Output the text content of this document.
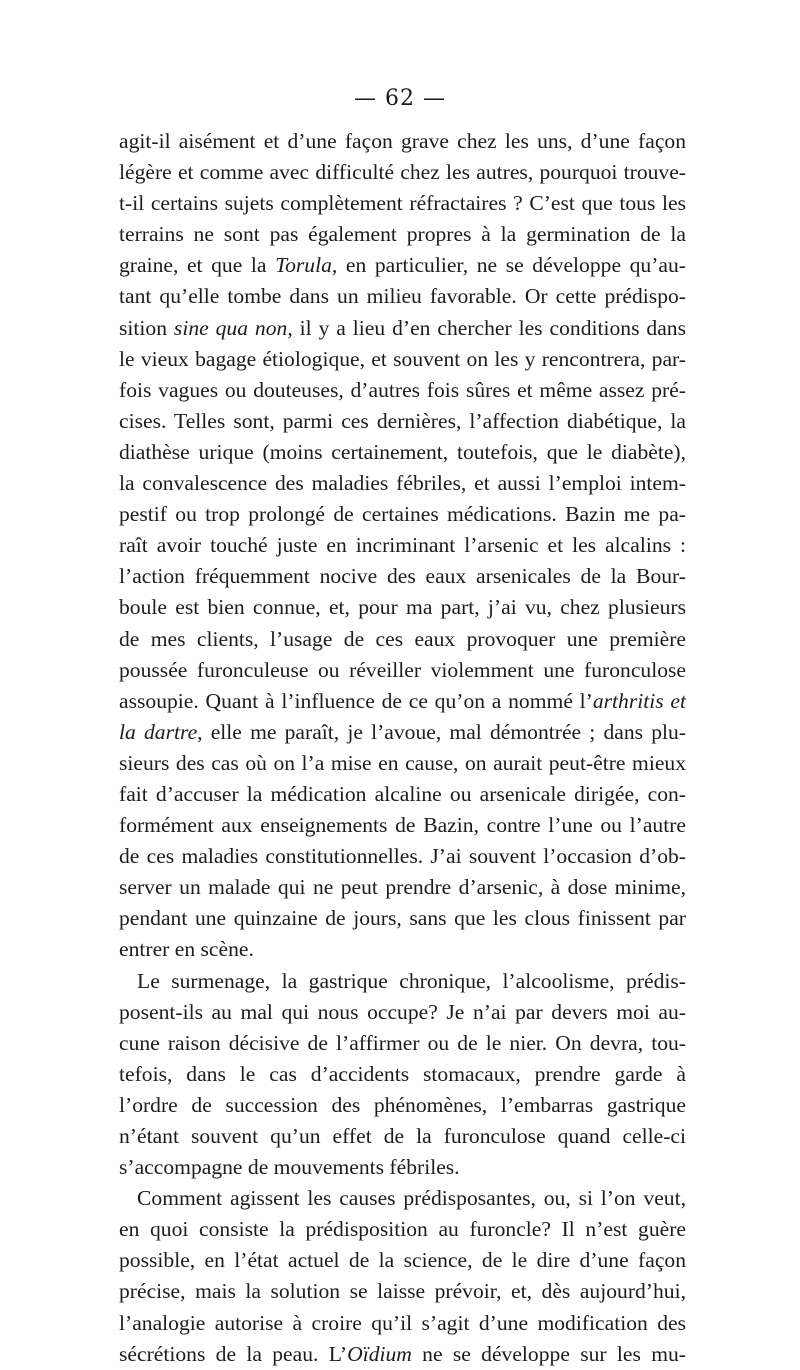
— 62 —
agit-il aisément et d’une façon grave chez les uns, d’une façon
légère et comme avec difficulté chez les autres, pourquoi trouve-
t-il certains sujets complètement réfractaires ? C’est que tous les
terrains ne sont pas également propres à la germination de la
graine, et que la Torula, en particulier, ne se développe qu’au-
tant qu’elle tombe dans un milieu favorable. Or cette prédispo-
sition sine qua non, il y a lieu d’en chercher les conditions dans
le vieux bagage étiologique, et souvent on les y rencontrera, par-
fois vagues ou douteuses, d’autres fois sûres et même assez pré-
cises. Telles sont, parmi ces dernières, l’affection diabétique, la
diathèse urique (moins certainement, toutefois, que le diabète),
la convalescence des maladies fébriles, et aussi l’emploi intem-
pestif ou trop prolongé de certaines médications. Bazin me pa-
raît avoir touché juste en incriminant l’arsenic et les alcalins :
l’action fréquemment nocive des eaux arsenicales de la Bour-
boule est bien connue, et, pour ma part, j’ai vu, chez plusieurs
de mes clients, l’usage de ces eaux provoquer une première
poussée furonculeuse ou réveiller violemment une furonculose
assoupie. Quant à l’influence de ce qu’on a nommé l’arthritis et
la dartre, elle me paraît, je l’avoue, mal démontrée ; dans plu-
sieurs des cas où on l’a mise en cause, on aurait peut-être mieux
fait d’accuser la médication alcaline ou arsenicale dirigée, con-
formément aux enseignements de Bazin, contre l’une ou l’autre
de ces maladies constitutionnelles. J’ai souvent l’occasion d’ob-
server un malade qui ne peut prendre d’arsenic, à dose minime,
pendant une quinzaine de jours, sans que les clous finissent par
entrer en scène.
Le surmenage, la gastrique chronique, l’alcoolisme, prédis-
posent-ils au mal qui nous occupe? Je n’ai par devers moi au-
cune raison décisive de l’affirmer ou de le nier. On devra, tou-
tefois, dans le cas d’accidents stomacaux, prendre garde à
l’ordre de succession des phénomènes, l’embarras gastrique
n’étant souvent qu’un effet de la furonculose quand celle-ci
s’accompagne de mouvements fébriles.
Comment agissent les causes prédisposantes, ou, si l’on veut,
en quoi consiste la prédisposition au furoncle? Il n’est guère
possible, en l’état actuel de la science, de le dire d’une façon
précise, mais la solution se laisse prévoir, et, dès aujourd’hui,
l’analogie autorise à croire qu’il s’agit d’une modification des
sécrétions de la peau. L’Oïdium ne se développe sur les mu-
